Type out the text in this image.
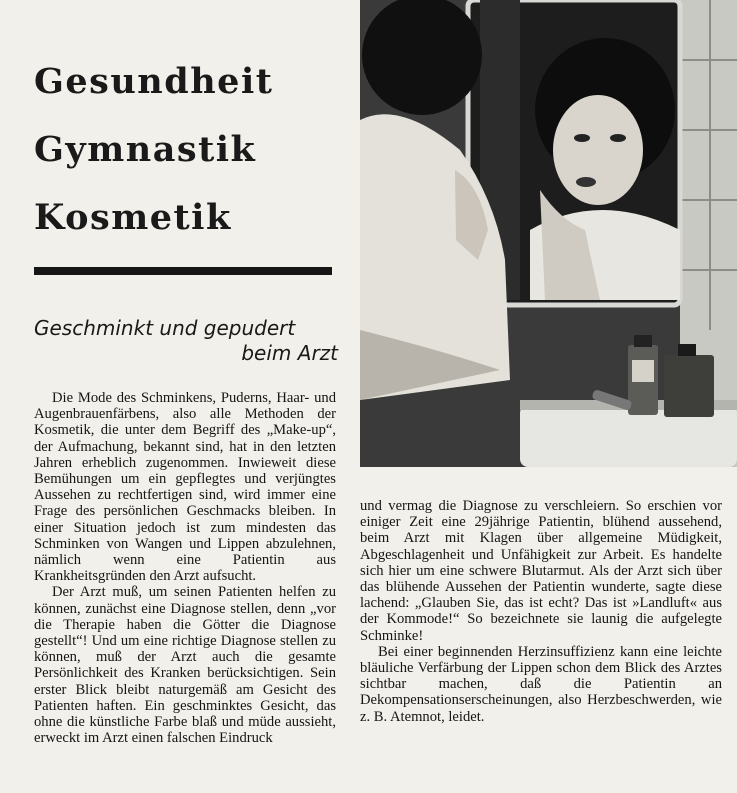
Gesundheit
Gymnastik
Kosmetik
Geschminkt und gepudert
beim Arzt

Die Mode des Schminkens, Puderns, Haar- und Augenbrauenfärbens, also alle Methoden der Kosmetik, die unter dem Begriff des „Make-up“, der Aufmachung, bekannt sind, hat in den letzten Jahren erheblich zugenommen. Inwieweit diese Bemühungen um ein gepflegtes und verjüngtes Aussehen zu rechtfertigen sind, wird immer eine Frage des persönlichen Geschmacks bleiben. In einer Situation jedoch ist zum mindesten das Schminken von Wangen und Lippen abzulehnen, nämlich wenn eine Patientin aus Krankheitsgründen den Arzt aufsucht.

Der Arzt muß, um seinen Patienten helfen zu können, zunächst eine Diagnose stellen, denn „vor die Therapie haben die Götter die Diagnose gestellt“! Und um eine richtige Diagnose stellen zu können, muß der Arzt auch die gesamte Persönlichkeit des Kranken berücksichtigen. Sein erster Blick bleibt naturgemäß am Gesicht des Patienten haften. Ein geschminktes Gesicht, das ohne die künstliche Farbe blaß und müde aussieht, erweckt im Arzt einen falschen Eindruck

und vermag die Diagnose zu verschleiern. So erschien vor einiger Zeit eine 29jährige Patientin, blühend aussehend, beim Arzt mit Klagen über allgemeine Müdigkeit, Abgeschlagenheit und Unfähigkeit zur Arbeit. Es handelte sich hier um eine schwere Blutarmut. Als der Arzt sich über das blühende Aussehen der Patientin wunderte, sagte diese lachend: „Glauben Sie, das ist echt? Das ist »Landluft« aus der Kommode!“ So bezeichnete sie launig die aufgelegte Schminke!

Bei einer beginnenden Herzinsuffizienz kann eine leichte bläuliche Verfärbung der Lippen schon dem Blick des Arztes sichtbar machen, daß die Patientin an Dekompensationserscheinungen, also Herzbeschwerden, wie z. B. Atemnot, leidet.
